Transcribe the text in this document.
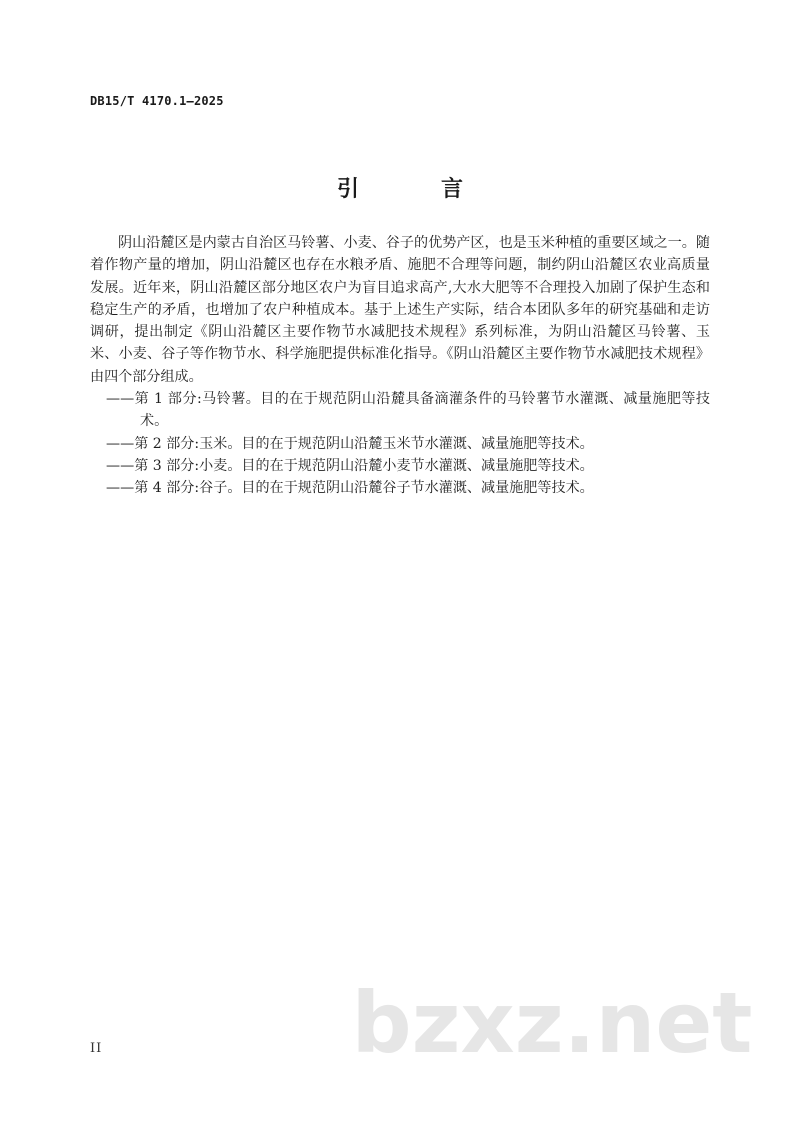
DB15/T 4170.1—2025
引　言

阴山沿麓区是内蒙古自治区马铃薯、小麦、谷子的优势产区，也是玉米种植的重要区域之一。随着作物产量的增加，阴山沿麓区也存在水粮矛盾、施肥不合理等问题，制约阴山沿麓区农业高质量发展。近年来，阴山沿麓区部分地区农户为盲目追求高产,大水大肥等不合理投入加剧了保护生态和稳定生产的矛盾，也增加了农户种植成本。基于上述生产实际，结合本团队多年的研究基础和走访调研，提出制定《阴山沿麓区主要作物节水减肥技术规程》系列标准，为阴山沿麓区马铃薯、玉米、小麦、谷子等作物节水、科学施肥提供标准化指导。《阴山沿麓区主要作物节水减肥技术规程》由四个部分组成。

——第 1 部分:马铃薯。目的在于规范阴山沿麓具备滴灌条件的马铃薯节水灌溉、减量施肥等技术。

——第 2 部分:玉米。目的在于规范阴山沿麓玉米节水灌溉、减量施肥等技术。

——第 3 部分:小麦。目的在于规范阴山沿麓小麦节水灌溉、减量施肥等技术。

——第 4 部分:谷子。目的在于规范阴山沿麓谷子节水灌溉、减量施肥等技术。

bzxz.net
II
